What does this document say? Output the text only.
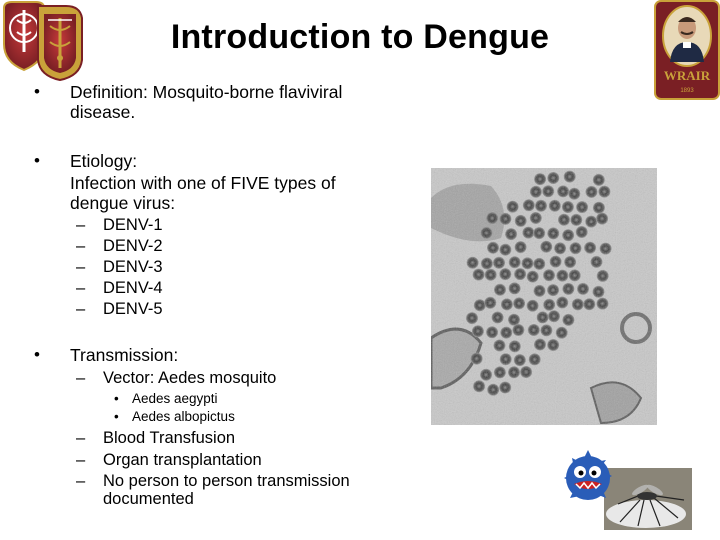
WRAIR
1893
Introduction to Dengue
• Definition: Mosquito-borne flaviviral
disease.
• Etiology:
Infection with one of FIVE types of
dengue virus:
– DENV-1
– DENV-2
– DENV-3
– DENV-4
– DENV-5
• Transmission:
– Vector: Aedes mosquito
• Aedes aegypti
• Aedes albopictus
– Blood Transfusion
– Organ transplantation
– No person to person transmission
documented
